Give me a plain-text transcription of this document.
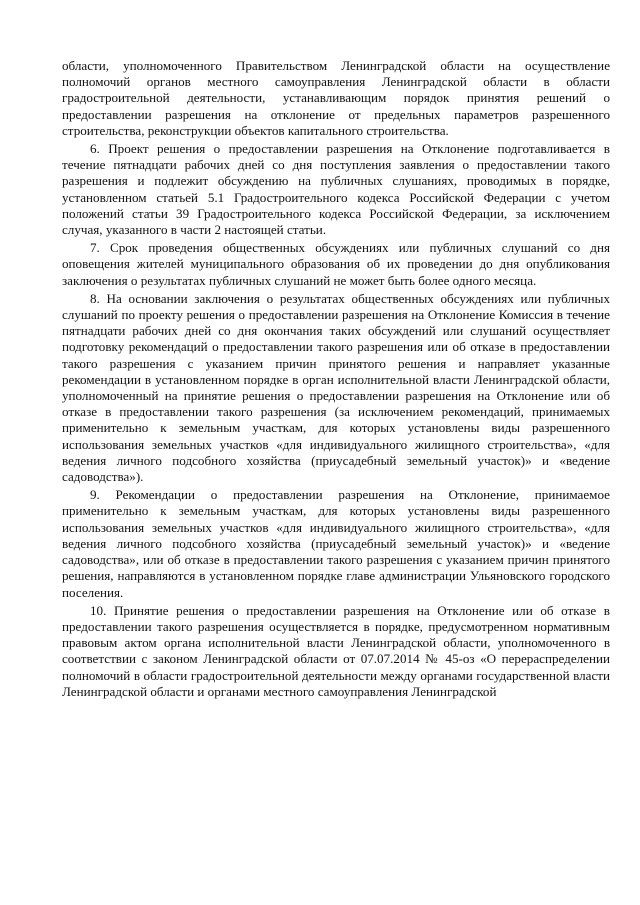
области, уполномоченного Правительством Ленинградской области на осуществление полномочий органов местного самоуправления Ленинградской области в области градостроительной деятельности, устанавливающим порядок принятия решений о предоставлении разрешения на отклонение от предельных параметров разрешенного строительства, реконструкции объектов капитального строительства.

6. Проект решения о предоставлении разрешения на Отклонение подготавливается в течение пятнадцати рабочих дней со дня поступления заявления о предоставлении такого разрешения и подлежит обсуждению на публичных слушаниях, проводимых в порядке, установленном статьей 5.1 Градостроительного кодекса Российской Федерации с учетом положений статьи 39 Градостроительного кодекса Российской Федерации, за исключением случая, указанного в части 2 настоящей статьи.

7. Срок проведения общественных обсуждениях или публичных слушаний со дня оповещения жителей муниципального образования об их проведении до дня опубликования заключения о результатах публичных слушаний не может быть более одного месяца.

8. На основании заключения о результатах общественных обсуждениях или публичных слушаний по проекту решения о предоставлении разрешения на Отклонение Комиссия в течение пятнадцати рабочих дней со дня окончания таких обсуждений или слушаний осуществляет подготовку рекомендаций о предоставлении такого разрешения или об отказе в предоставлении такого разрешения с указанием причин принятого решения и направляет указанные рекомендации в установленном порядке в орган исполнительной власти Ленинградской области, уполномоченный на принятие решения о предоставлении разрешения на Отклонение или об отказе в предоставлении такого разрешения (за исключением рекомендаций, принимаемых применительно к земельным участкам, для которых установлены виды разрешенного использования земельных участков «для индивидуального жилищного строительства», «для ведения личного подсобного хозяйства (приусадебный земельный участок)» и «ведение садоводства»).

9. Рекомендации о предоставлении разрешения на Отклонение, принимаемое применительно к земельным участкам, для которых установлены виды разрешенного использования земельных участков «для индивидуального жилищного строительства», «для ведения личного подсобного хозяйства (приусадебный земельный участок)» и «ведение садоводства», или об отказе в предоставлении такого разрешения с указанием причин принятого решения, направляются в установленном порядке главе администрации Ульяновского городского поселения.

10. Принятие решения о предоставлении разрешения на Отклонение или об отказе в предоставлении такого разрешения осуществляется в порядке, предусмотренном нормативным правовым актом органа исполнительной власти Ленинградской области, уполномоченного в соответствии с законом Ленинградской области от 07.07.2014 № 45-оз «О перераспределении полномочий в области градостроительной деятельности между органами государственной власти Ленинградской области и органами местного самоуправления Ленинградской
